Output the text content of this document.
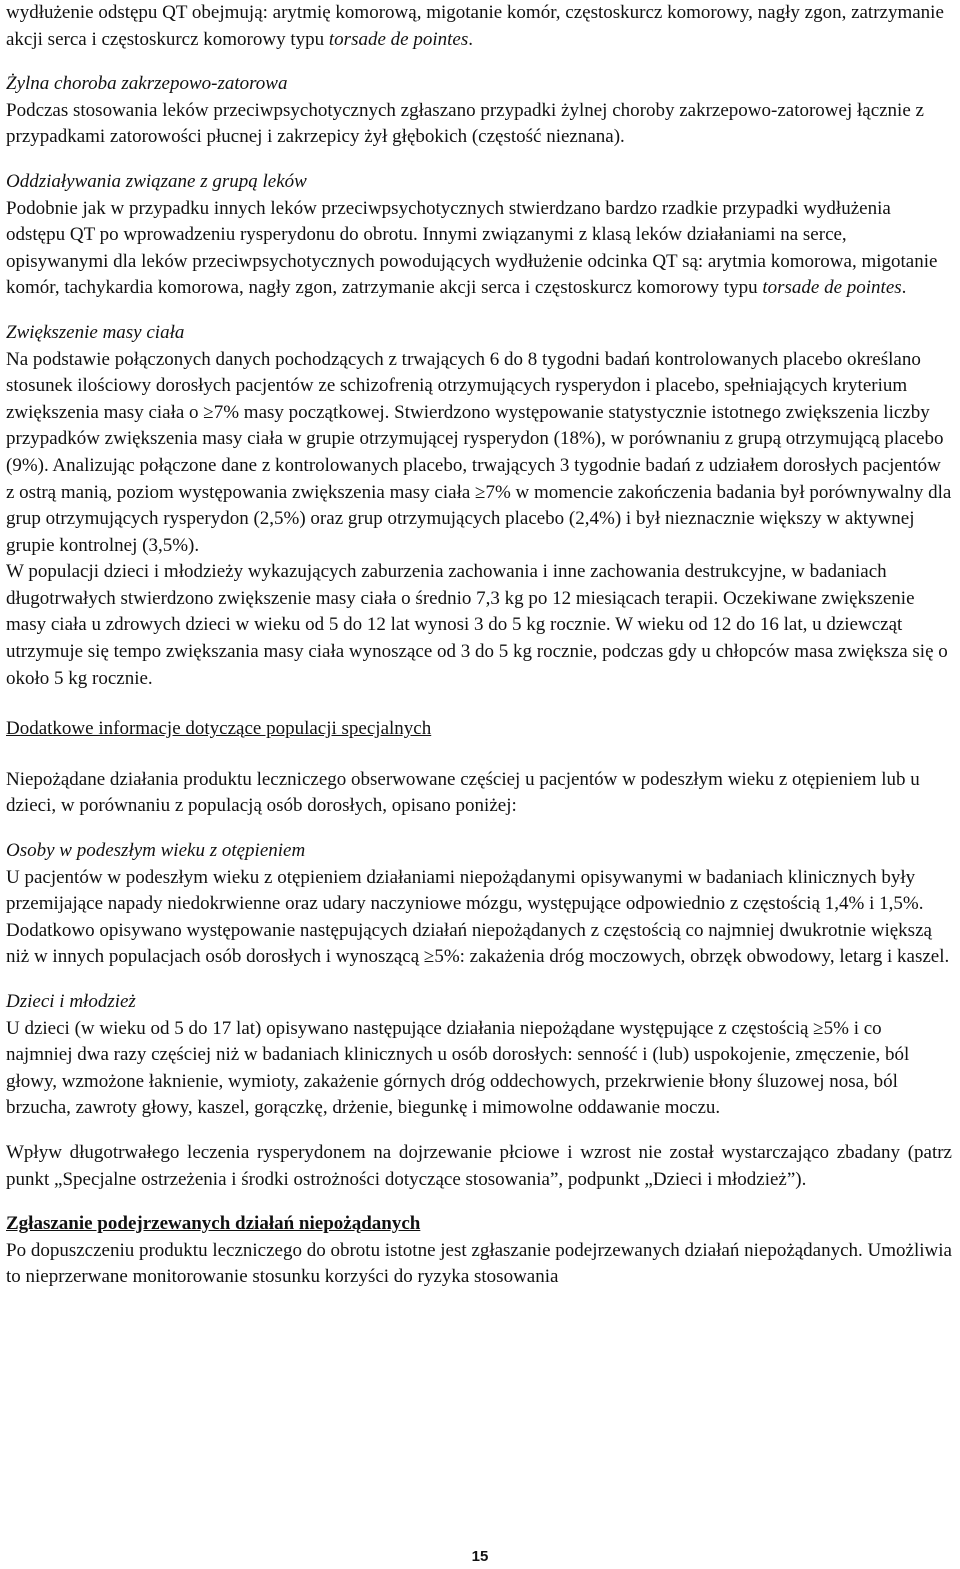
wydłużenie odstępu QT obejmują: arytmię komorową, migotanie komór, częstoskurcz komorowy, nagły zgon, zatrzymanie akcji serca i częstoskurcz komorowy typu torsade de pointes.

Żylna choroba zakrzepowo-zatorowa

Podczas stosowania leków przeciwpsychotycznych zgłaszano przypadki żylnej choroby zakrzepowo-zatorowej łącznie z przypadkami zatorowości płucnej i zakrzepicy żył głębokich (częstość nieznana).

Oddziaływania związane z grupą leków

Podobnie jak w przypadku innych leków przeciwpsychotycznych stwierdzano bardzo rzadkie przypadki wydłużenia odstępu QT po wprowadzeniu rysperydonu do obrotu. Innymi związanymi z klasą leków działaniami na serce, opisywanymi dla leków przeciwpsychotycznych powodujących wydłużenie odcinka QT są: arytmia komorowa, migotanie komór, tachykardia komorowa, nagły zgon, zatrzymanie akcji serca i częstoskurcz komorowy typu torsade de pointes.

Zwiększenie masy ciała

Na podstawie połączonych danych pochodzących z trwających 6 do 8 tygodni badań kontrolowanych placebo określano stosunek ilościowy dorosłych pacjentów ze schizofrenią otrzymujących rysperydon i placebo, spełniających kryterium zwiększenia masy ciała o ≥7% masy początkowej. Stwierdzono występowanie statystycznie istotnego zwiększenia liczby przypadków zwiększenia masy ciała w grupie otrzymującej rysperydon (18%), w porównaniu z grupą otrzymującą placebo (9%). Analizując połączone dane z kontrolowanych placebo, trwających 3 tygodnie badań z udziałem dorosłych pacjentów z ostrą manią, poziom występowania zwiększenia masy ciała ≥7% w momencie zakończenia badania był porównywalny dla grup otrzymujących rysperydon (2,5%) oraz grup otrzymujących placebo (2,4%) i był nieznacznie większy w aktywnej grupie kontrolnej (3,5%).

W populacji dzieci i młodzieży wykazujących zaburzenia zachowania i inne zachowania destrukcyjne, w badaniach długotrwałych stwierdzono zwiększenie masy ciała o średnio 7,3 kg po 12 miesiącach terapii. Oczekiwane zwiększenie masy ciała u zdrowych dzieci w wieku od 5 do 12 lat wynosi 3 do 5 kg rocznie. W wieku od 12 do 16 lat, u dziewcząt utrzymuje się tempo zwiększania masy ciała wynoszące od 3 do 5 kg rocznie, podczas gdy u chłopców masa zwiększa się o około 5 kg rocznie.

Dodatkowe informacje dotyczące populacji specjalnych

Niepożądane działania produktu leczniczego obserwowane częściej u pacjentów w podeszłym wieku z otępieniem lub u dzieci, w porównaniu z populacją osób dorosłych, opisano poniżej:

Osoby w podeszłym wieku z otępieniem

U pacjentów w podeszłym wieku z otępieniem działaniami niepożądanymi opisywanymi w badaniach klinicznych były przemijające napady niedokrwienne oraz udary naczyniowe mózgu, występujące odpowiednio z częstością 1,4% i 1,5%. Dodatkowo opisywano występowanie następujących działań niepożądanych z częstością co najmniej dwukrotnie większą niż w innych populacjach osób dorosłych i wynoszącą ≥5%: zakażenia dróg moczowych, obrzęk obwodowy, letarg i kaszel.

Dzieci i młodzież

U dzieci (w wieku od 5 do 17 lat) opisywano następujące działania niepożądane występujące z częstością ≥5% i co najmniej dwa razy częściej niż w badaniach klinicznych u osób dorosłych: senność i (lub) uspokojenie, zmęczenie, ból głowy, wzmożone łaknienie, wymioty, zakażenie górnych dróg oddechowych, przekrwienie błony śluzowej nosa, ból brzucha, zawroty głowy, kaszel, gorączkę, drżenie, biegunkę i mimowolne oddawanie moczu.

Wpływ długotrwałego leczenia rysperydonem na dojrzewanie płciowe i wzrost nie został wystarczająco zbadany (patrz punkt „Specjalne ostrzeżenia i środki ostrożności dotyczące stosowania”, podpunkt „Dzieci i młodzież”).

Zgłaszanie podejrzewanych działań niepożądanych

Po dopuszczeniu produktu leczniczego do obrotu istotne jest zgłaszanie podejrzewanych działań niepożądanych. Umożliwia to nieprzerwane monitorowanie stosunku korzyści do ryzyka stosowania

15
